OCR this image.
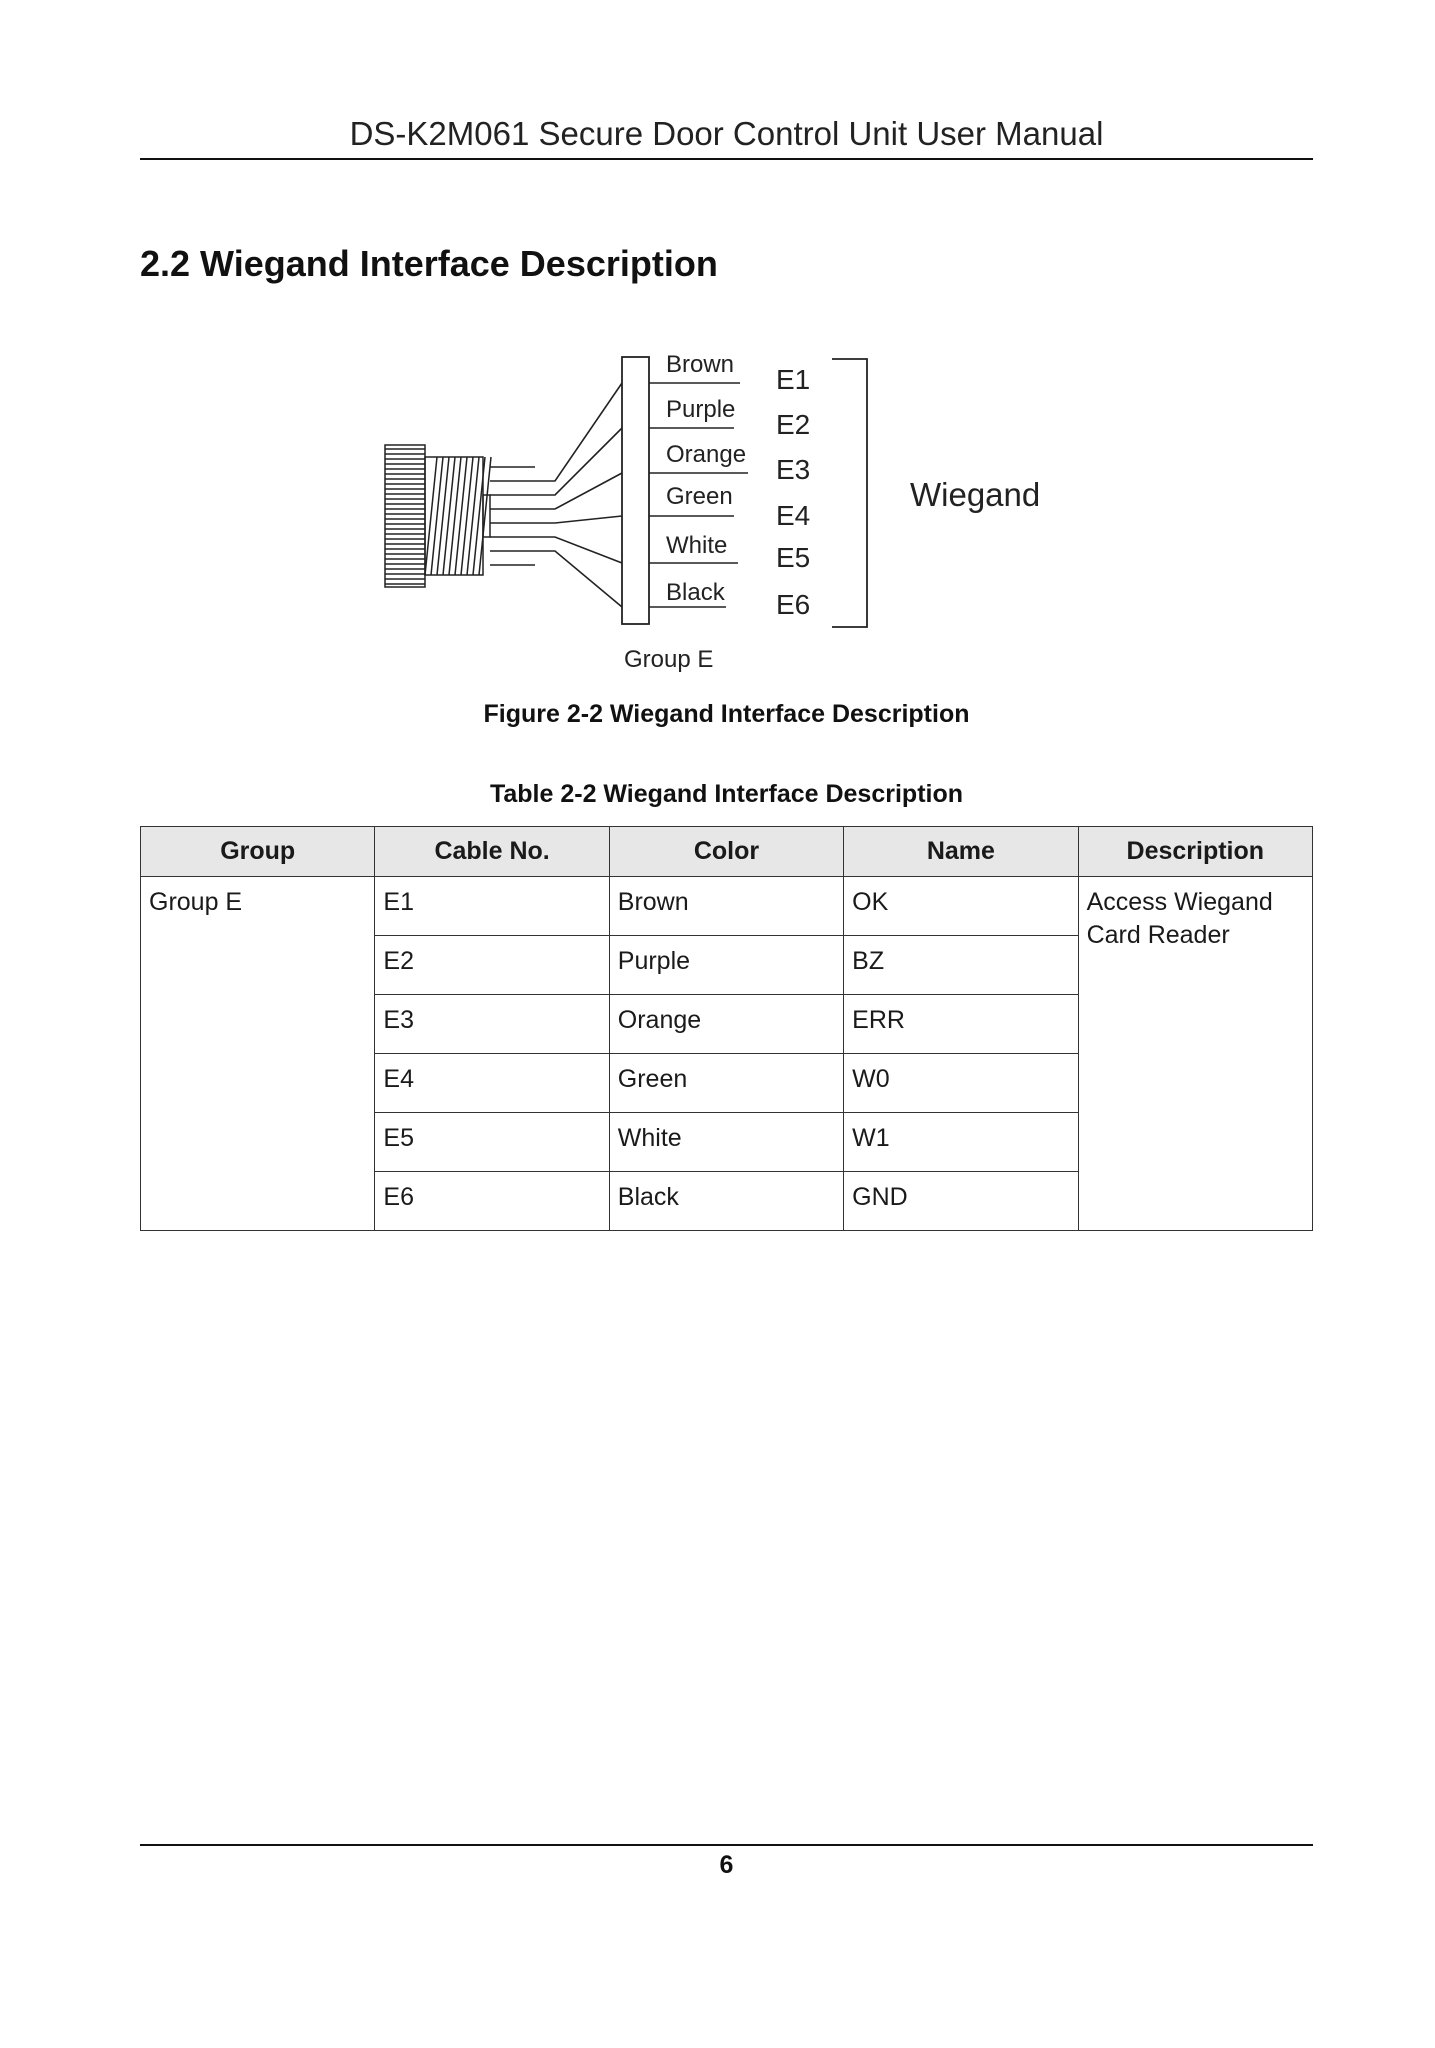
DS-K2M061 Secure Door Control Unit User Manual
2.2 Wiegand Interface Description
Brown
Purple
Orange
Green
White
Black
E1
E2
E3
E4
E5
E6
Wiegand
Group E
Figure 2-2 Wiegand Interface Description
Table 2-2 Wiegand Interface Description
Group	Cable No.	Color	Name	Description
Group E	E1	Brown	OK	Access Wiegand Card Reader
	E2	Purple	BZ	
	E3	Orange	ERR	
	E4	Green	W0	
	E5	White	W1	
	E6	Black	GND	
6
